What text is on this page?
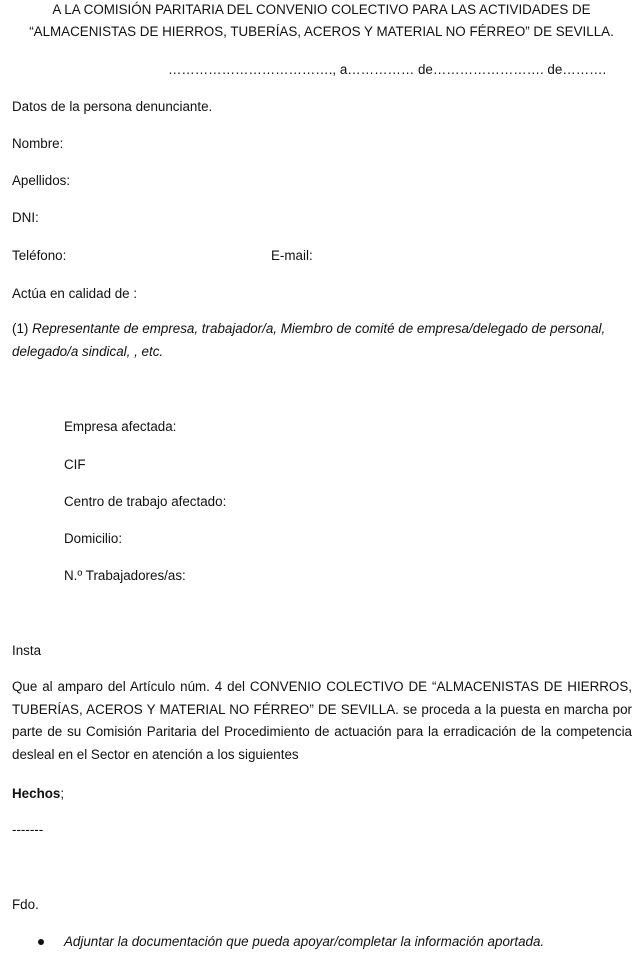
A LA COMISIÓN PARITARIA DEL CONVENIO COLECTIVO PARA LAS ACTIVIDADES DE
“ALMACENISTAS DE HIERROS, TUBERÍAS, ACEROS Y MATERIAL NO FÉRREO” DE SEVILLA.
………………………………., a…………… de……………………. de……….
Datos de la persona denunciante.
Nombre:
Apellidos:
DNI:
Teléfono:	E-mail:
Actúa en calidad de :
(1) Representante de empresa, trabajador/a, Miembro de comité de empresa/delegado de personal, delegado/a sindical, , etc.
Empresa afectada:
CIF
Centro de trabajo afectado:
Domicilio:
N.º Trabajadores/as:
Insta
Que al amparo del Artículo núm. 4 del CONVENIO COLECTIVO DE “ALMACENISTAS DE HIERROS, TUBERÍAS, ACEROS Y MATERIAL NO FÉRREO” DE SEVILLA. se proceda a la puesta en marcha por parte de su Comisión Paritaria del Procedimiento de actuación para la erradicación de la competencia desleal en el Sector en atención a los siguientes
Hechos;
-------
Fdo.
Adjuntar la documentación que pueda apoyar/completar la información aportada.
